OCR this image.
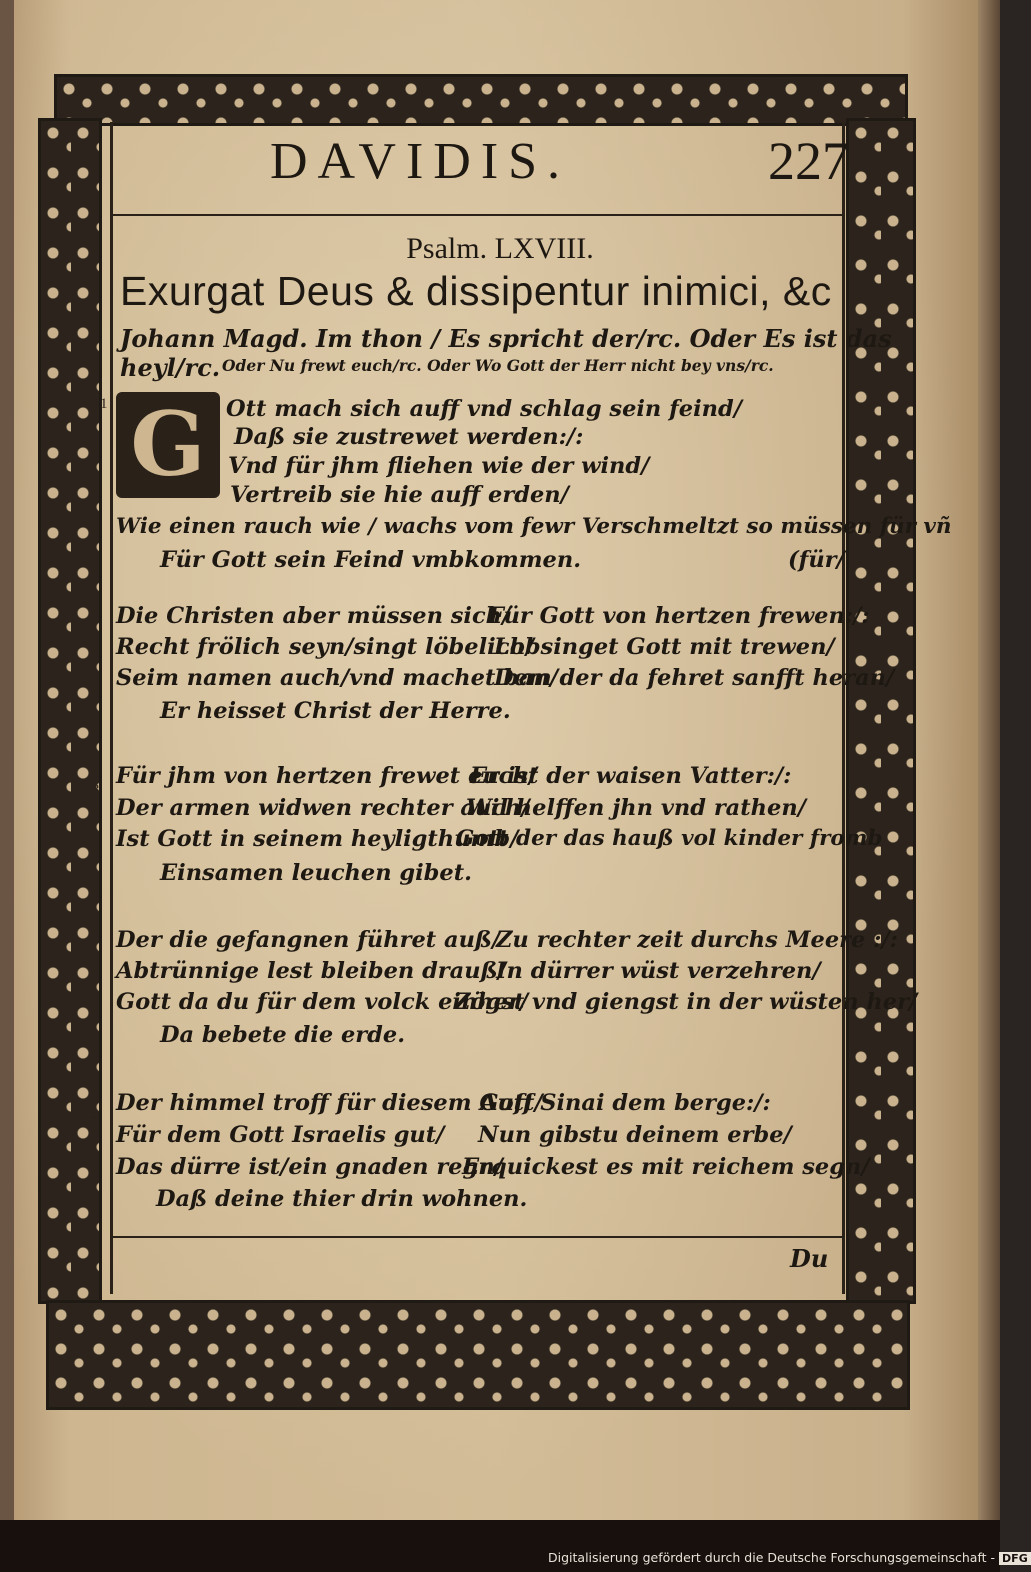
DAVIDIS.	227
Psalm. LXVIII.
Exurgat Deus & dissipentur inimici, &c
Johann Magd. Im thon / Es spricht der/rc. Oder Es ist das heyl/rc. Oder Nu frewt euch/rc. Oder Wo Gott der Herr nicht bey vns/rc.
G
1	Ott mach sich auff vnd schlag sein feind/
Daß sie zustrewet werden:/:
Vnd für jhm fliehen wie der wind/
Vertreib sie hie auff erden/
Wie einen rauch wie / wachs vom fewr Verschmeltzt so müssen für vñ
Für Gott sein Feind vmbkommen.	(für/
2
Die Christen aber müssen sich/
Für Gott von hertzen frewen:/:
Recht frölich seyn/singt löbelich/
Lobsinget Gott mit trewen/
Seim namen auch/vnd machet ban/
Dem der da fehret sanfft heran/
Er heisset Christ der Herre.
3
Für jhm von hertzen frewet euch/
Er ist der waisen Vatter:/:
Der armen widwen rechter auch/
Wil helffen jhn vnd rathen/
Ist Gott in seinem heyligthumb/
Gott der das hauß vol kinder fromb
Einsamen leuchen gibet.
4
Der die gefangnen führet auß/
Zu rechter zeit durchs Meere :/:
Abtrünnige lest bleiben drauß/
In dürrer wüst verzehren/
Gott da du für dem volck einher/
Zögst vnd giengst in der wüsten her/
Da bebete die erde.
5 Der himmel troff für diesem Gott/
Auff Sinai dem berge:/:
Für dem Gott Israelis gut/ Nun gibstu deinem erbe/
Das dürre ist/ein gnaden regn/
Erquickest es mit reichem segn/
Daß deine thier drin wohnen.
Du
Digitalisierung gefördert durch die Deutsche Forschungsgemeinschaft - DFG
